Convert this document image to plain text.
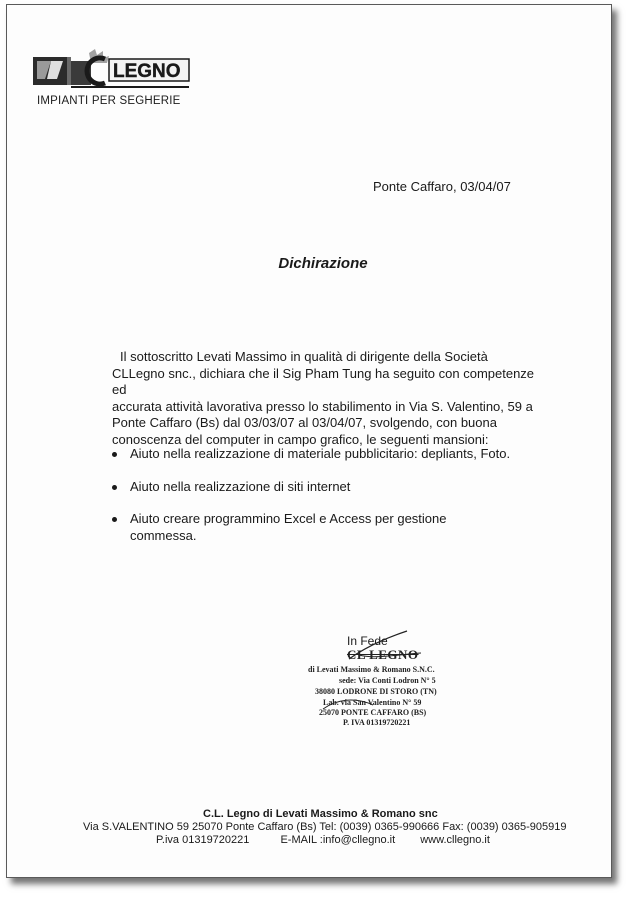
LEGNO
IMPIANTI PER SEGHERIE
Ponte Caffaro, 03/04/07
Dichirazione
Il sottoscritto Levati Massimo in qualità di dirigente della Società
CLLegno snc., dichiara che il Sig Pham Tung ha seguito con competenze ed
accurata attività lavorativa presso lo stabilimento in Via S. Valentino, 59 a
Ponte Caffaro (Bs) dal 03/03/07 al 03/04/07, svolgendo, con buona
conoscenza del computer in campo grafico, le seguenti mansioni:
Aiuto nella realizzazione di materiale pubblicitario: depliants, Foto.
Aiuto nella realizzazione di siti internet
Aiuto creare programmino Excel e Access per gestione commessa.
In Fede
CL LEGNO
di Levati Massimo & Romano S.N.C.
sede: Via Conti Lodron N° 5
38080 LODRONE DI STORO (TN)
Lab. via San Valentino N° 59
25070 PONTE CAFFARO (BS)
P. IVA 01319720221
C.L. Legno di Levati Massimo & Romano snc
Via S.VALENTINO 59 25070 Ponte Caffaro (Bs) Tel: (0039) 0365-990666 Fax: (0039) 0365-905919
P.iva 01319720221	E-MAIL :info@cllegno.it www.cllegno.it
